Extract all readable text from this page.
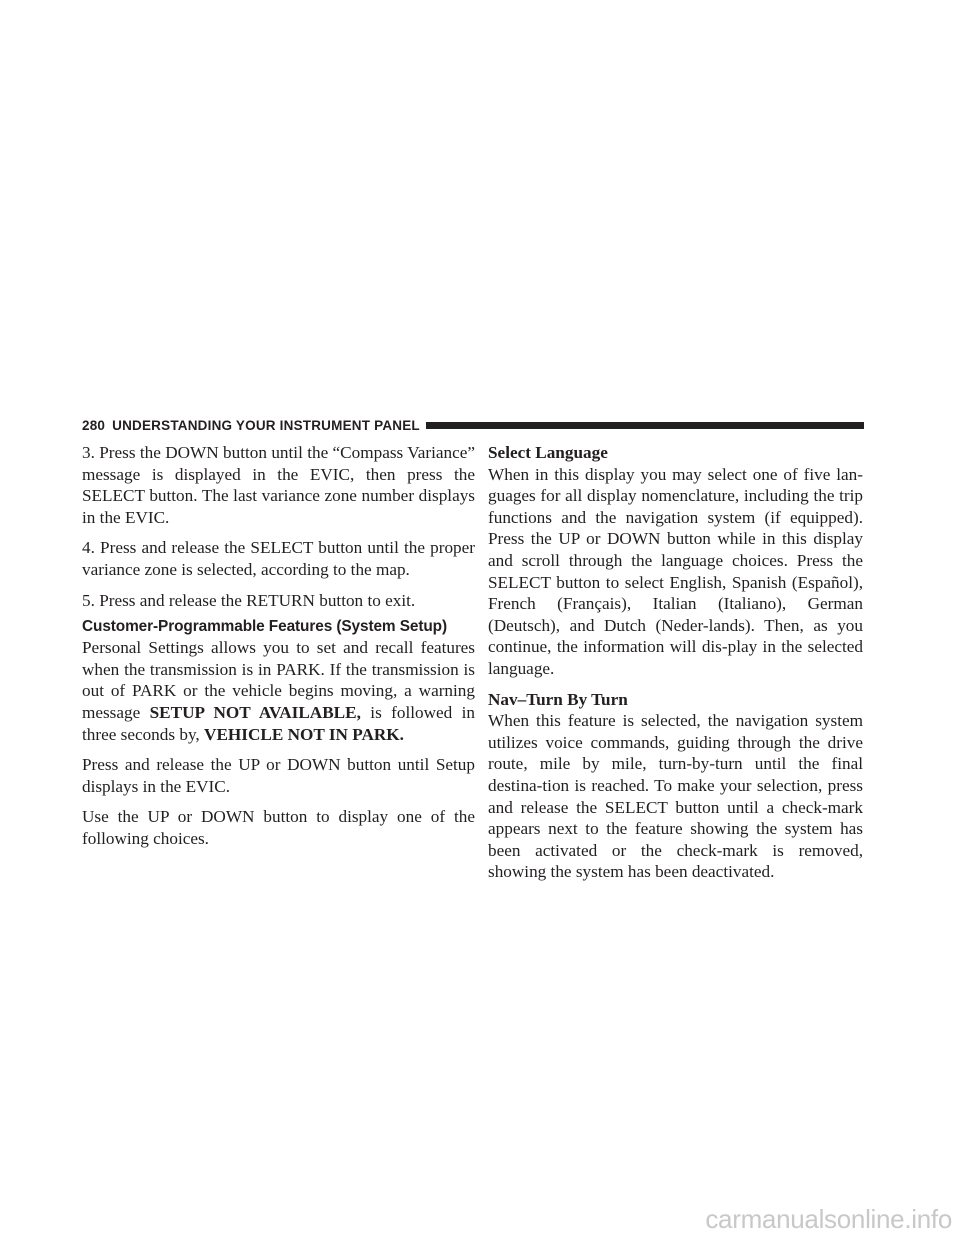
280 UNDERSTANDING YOUR INSTRUMENT PANEL

3. Press the DOWN button until the “Compass Variance” message is displayed in the EVIC, then press the SELECT button. The last variance zone number displays in the EVIC.

4. Press and release the SELECT button until the proper variance zone is selected, according to the map.

5. Press and release the RETURN button to exit.

Customer-Programmable Features (System Setup)

Personal Settings allows you to set and recall features when the transmission is in PARK. If the transmission is out of PARK or the vehicle begins moving, a warning message SETUP NOT AVAILABLE, is followed in three seconds by, VEHICLE NOT IN PARK.

Press and release the UP or DOWN button until Setup displays in the EVIC.

Use the UP or DOWN button to display one of the following choices.

Select Language

When in this display you may select one of five lan-guages for all display nomenclature, including the trip functions and the navigation system (if equipped). Press the UP or DOWN button while in this display and scroll through the language choices. Press the SELECT button to select English, Spanish (Español), French (Français), Italian (Italiano), German (Deutsch), and Dutch (Neder-lands). Then, as you continue, the information will dis-play in the selected language.

Nav–Turn By Turn

When this feature is selected, the navigation system utilizes voice commands, guiding through the drive route, mile by mile, turn-by-turn until the final destina-tion is reached. To make your selection, press and release the SELECT button until a check-mark appears next to the feature showing the system has been activated or the check-mark is removed, showing the system has been deactivated.

carmanualsonline.info
